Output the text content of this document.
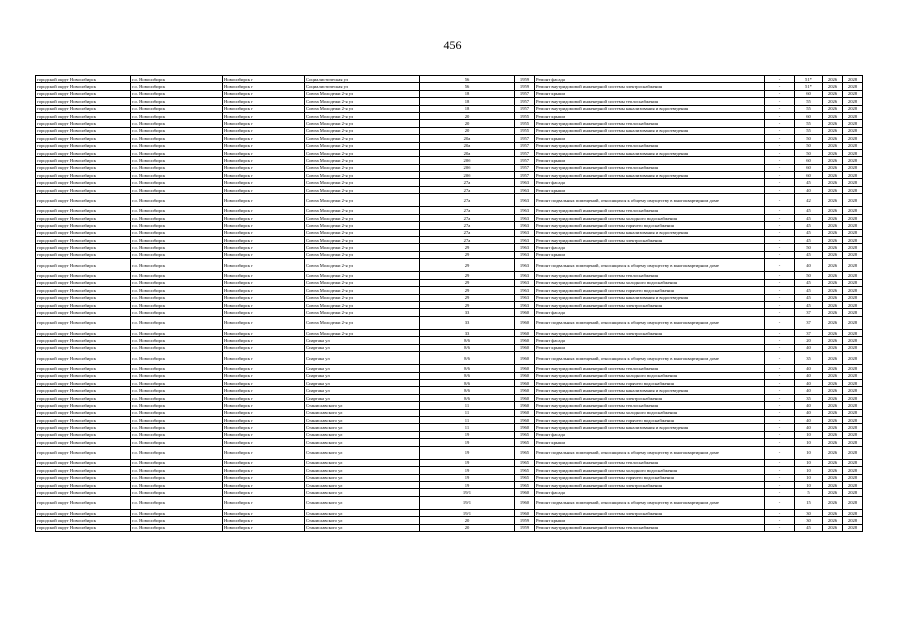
456
городской округ Новосибирск	г.о. Новосибирск	Новосибирск г	Социалистическая ул	56	1959	Ремонт фасада	-	51*	2026	2028
городской округ Новосибирск	г.о. Новосибирск	Новосибирск г	Социалистическая ул	56	1959	Ремонт внутридомовой инженерной системы электроснабжения	-	51*	2026	2028
городской округ Новосибирск	г.о. Новосибирск	Новосибирск г	Союза Молодежи 2-я ул	18	1957	Ремонт крыши	-	60	2026	2028
городской округ Новосибирск	г.о. Новосибирск	Новосибирск г	Союза Молодежи 2-я ул	18	1957	Ремонт внутридомовой инженерной системы теплоснабжения	-	55	2026	2028
городской округ Новосибирск	г.о. Новосибирск	Новосибирск г	Союза Молодежи 2-я ул	18	1957	Ремонт внутридомовой инженерной системы канализования и водоотведения	-	55	2026	2028
городской округ Новосибирск	г.о. Новосибирск	Новосибирск г	Союза Молодежи 2-я ул	20	1955	Ремонт крыши	-	60	2026	2028
городской округ Новосибирск	г.о. Новосибирск	Новосибирск г	Союза Молодежи 2-я ул	20	1955	Ремонт внутридомовой инженерной системы теплоснабжения	-	55	2026	2028
городской округ Новосибирск	г.о. Новосибирск	Новосибирск г	Союза Молодежи 2-я ул	20	1955	Ремонт внутридомовой инженерной системы канализования и водоотведения	-	55	2026	2028
городской округ Новосибирск	г.о. Новосибирск	Новосибирск г	Союза Молодежи 2-я ул	20а	1957	Ремонт крыши	-	50	2026	2028
городской округ Новосибирск	г.о. Новосибирск	Новосибирск г	Союза Молодежи 2-я ул	20а	1957	Ремонт внутридомовой инженерной системы теплоснабжения	-	50	2026	2028
городской округ Новосибирск	г.о. Новосибирск	Новосибирск г	Союза Молодежи 2-я ул	20а	1957	Ремонт внутридомовой инженерной системы канализования и водоотведения	-	50	2026	2028
городской округ Новосибирск	г.о. Новосибирск	Новосибирск г	Союза Молодежи 2-я ул	20б	1957	Ремонт крыши	-	60	2026	2028
городской округ Новосибирск	г.о. Новосибирск	Новосибирск г	Союза Молодежи 2-я ул	20б	1957	Ремонт внутридомовой инженерной системы теплоснабжения	-	60	2026	2028
городской округ Новосибирск	г.о. Новосибирск	Новосибирск г	Союза Молодежи 2-я ул	20б	1957	Ремонт внутридомовой инженерной системы канализования и водоотведения	-	60	2026	2028
городской округ Новосибирск	г.о. Новосибирск	Новосибирск г	Союза Молодежи 2-я ул	27а	1963	Ремонт фасада	-	45	2026	2028
городской округ Новосибирск	г.о. Новосибирск	Новосибирск г	Союза Молодежи 2-я ул	27а	1963	Ремонт крыши	-	40	2026	2028
городской округ Новосибирск	г.о. Новосибирск	Новосибирск г	Союза Молодежи 2-я ул	27а	1963	Ремонт подвальных помещений, относящихся к общему имуществу в многоквартирном доме	-	42	2026	2028
городской округ Новосибирск	г.о. Новосибирск	Новосибирск г	Союза Молодежи 2-я ул	27а	1963	Ремонт внутридомовой инженерной системы теплоснабжения	-	45	2026	2028
городской округ Новосибирск	г.о. Новосибирск	Новосибирск г	Союза Молодежи 2-я ул	27а	1963	Ремонт внутридомовой инженерной системы холодного водоснабжения	-	45	2026	2028
городской округ Новосибирск	г.о. Новосибирск	Новосибирск г	Союза Молодежи 2-я ул	27а	1963	Ремонт внутридомовой инженерной системы горячего водоснабжения	-	45	2026	2028
городской округ Новосибирск	г.о. Новосибирск	Новосибирск г	Союза Молодежи 2-я ул	27а	1963	Ремонт внутридомовой инженерной системы канализования и водоотведения	-	45	2026	2028
городской округ Новосибирск	г.о. Новосибирск	Новосибирск г	Союза Молодежи 2-я ул	27а	1963	Ремонт внутридомовой инженерной системы электроснабжения	-	45	2026	2028
городской округ Новосибирск	г.о. Новосибирск	Новосибирск г	Союза Молодежи 2-я ул	29	1963	Ремонт фасада	-	50	2026	2028
городской округ Новосибирск	г.о. Новосибирск	Новосибирск г	Союза Молодежи 2-я ул	29	1963	Ремонт крыши	-	45	2026	2028
городской округ Новосибирск	г.о. Новосибирск	Новосибирск г	Союза Молодежи 2-я ул	29	1963	Ремонт подвальных помещений, относящихся к общему имуществу в многоквартирном доме	-	40	2026	2028
городской округ Новосибирск	г.о. Новосибирск	Новосибирск г	Союза Молодежи 2-я ул	29	1963	Ремонт внутридомовой инженерной системы теплоснабжения	-	50	2026	2028
городской округ Новосибирск	г.о. Новосибирск	Новосибирск г	Союза Молодежи 2-я ул	29	1963	Ремонт внутридомовой инженерной системы холодного водоснабжения	-	45	2026	2028
городской округ Новосибирск	г.о. Новосибирск	Новосибирск г	Союза Молодежи 2-я ул	29	1963	Ремонт внутридомовой инженерной системы горячего водоснабжения	-	45	2026	2028
городской округ Новосибирск	г.о. Новосибирск	Новосибирск г	Союза Молодежи 2-я ул	29	1963	Ремонт внутридомовой инженерной системы канализования и водоотведения	-	45	2026	2028
городской округ Новосибирск	г.о. Новосибирск	Новосибирск г	Союза Молодежи 2-я ул	29	1963	Ремонт внутридомовой инженерной системы электроснабжения	-	45	2026	2028
городской округ Новосибирск	г.о. Новосибирск	Новосибирск г	Союза Молодежи 2-я ул	33	1960	Ремонт фасада	-	37	2026	2028
городской округ Новосибирск	г.о. Новосибирск	Новосибирск г	Союза Молодежи 2-я ул	33	1960	Ремонт подвальных помещений, относящихся к общему имуществу в многоквартирном доме	-	37	2026	2028
городской округ Новосибирск	г.о. Новосибирск	Новосибирск г	Союза Молодежи 2-я ул	33	1960	Ремонт внутридомовой инженерной системы электроснабжения	-	37	2026	2028
городской округ Новосибирск	г.о. Новосибирск	Новосибирск г	Спартака ул	8/6	1960	Ремонт фасада	-	20	2026	2028
городской округ Новосибирск	г.о. Новосибирск	Новосибирск г	Спартака ул	8/6	1960	Ремонт крыши	-	40	2026	2028
городской округ Новосибирск	г.о. Новосибирск	Новосибирск г	Спартака ул	8/6	1960	Ремонт подвальных помещений, относящихся к общему имуществу в многоквартирном доме	-	35	2026	2028
городской округ Новосибирск	г.о. Новосибирск	Новосибирск г	Спартака ул	8/6	1960	Ремонт внутридомовой инженерной системы теплоснабжения	-	40	2026	2028
городской округ Новосибирск	г.о. Новосибирск	Новосибирск г	Спартака ул	8/6	1960	Ремонт внутридомовой инженерной системы холодного водоснабжения	-	40	2026	2028
городской округ Новосибирск	г.о. Новосибирск	Новосибирск г	Спартака ул	8/6	1960	Ремонт внутридомовой инженерной системы горячего водоснабжения	-	40	2026	2028
городской округ Новосибирск	г.о. Новосибирск	Новосибирск г	Спартака ул	8/6	1960	Ремонт внутридомовой инженерной системы канализования и водоотведения	-	40	2026	2028
городской округ Новосибирск	г.о. Новосибирск	Новосибирск г	Спартака ул	8/6	1960	Ремонт внутридомовой инженерной системы электроснабжения	-	35	2026	2028
городской округ Новосибирск	г.о. Новосибирск	Новосибирск г	Станиславского ул	11	1960	Ремонт внутридомовой инженерной системы теплоснабжения	-	40	2026	2028
городской округ Новосибирск	г.о. Новосибирск	Новосибирск г	Станиславского ул	11	1960	Ремонт внутридомовой инженерной системы холодного водоснабжения	-	40	2026	2028
городской округ Новосибирск	г.о. Новосибирск	Новосибирск г	Станиславского ул	11	1960	Ремонт внутридомовой инженерной системы горячего водоснабжения	-	40	2026	2028
городской округ Новосибирск	г.о. Новосибирск	Новосибирск г	Станиславского ул	11	1960	Ремонт внутридомовой инженерной системы канализования и водоотведения	-	40	2026	2028
городской округ Новосибирск	г.о. Новосибирск	Новосибирск г	Станиславского ул	19	1965	Ремонт фасада	-	10	2026	2028
городской округ Новосибирск	г.о. Новосибирск	Новосибирск г	Станиславского ул	19	1965	Ремонт крыши	-	10	2026	2028
городской округ Новосибирск	г.о. Новосибирск	Новосибирск г	Станиславского ул	19	1965	Ремонт подвальных помещений, относящихся к общему имуществу в многоквартирном доме	-	10	2026	2028
городской округ Новосибирск	г.о. Новосибирск	Новосибирск г	Станиславского ул	19	1965	Ремонт внутридомовой инженерной системы теплоснабжения	-	10	2026	2028
городской округ Новосибирск	г.о. Новосибирск	Новосибирск г	Станиславского ул	19	1965	Ремонт внутридомовой инженерной системы холодного водоснабжения	-	10	2026	2028
городской округ Новосибирск	г.о. Новосибирск	Новосибирск г	Станиславского ул	19	1965	Ремонт внутридомовой инженерной системы горячего водоснабжения	-	10	2026	2028
городской округ Новосибирск	г.о. Новосибирск	Новосибирск г	Станиславского ул	19	1965	Ремонт внутридомовой инженерной системы электроснабжения	-	10	2026	2028
городской округ Новосибирск	г.о. Новосибирск	Новосибирск г	Станиславского ул	19/1	1960	Ремонт фасада	-	5	2026	2028
городской округ Новосибирск	г.о. Новосибирск	Новосибирск г	Станиславского ул	19/1	1960	Ремонт подвальных помещений, относящихся к общему имуществу в многоквартирном доме	-	15	2026	2028
городской округ Новосибирск	г.о. Новосибирск	Новосибирск г	Станиславского ул	19/1	1960	Ремонт внутридомовой инженерной системы электроснабжения	-	30	2026	2028
городской округ Новосибирск	г.о. Новосибирск	Новосибирск г	Станиславского ул	20	1959	Ремонт крыши	-	30	2026	2028
городской округ Новосибирск	г.о. Новосибирск	Новосибирск г	Станиславского ул	20	1959	Ремонт внутридомовой инженерной системы теплоснабжения	-	45	2026	2028
